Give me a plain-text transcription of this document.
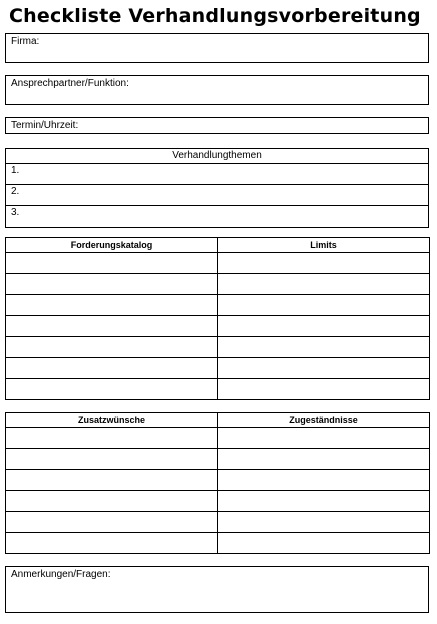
Checkliste Verhandlungsvorbereitung
Firma:
Ansprechpartner/Funktion:
Termin/Uhrzeit:
Verhandlungthemen
1.
2.
3.
Forderungskatalog	Limits

Zusatzwünsche	Zugeständnisse

Anmerkungen/Fragen:
